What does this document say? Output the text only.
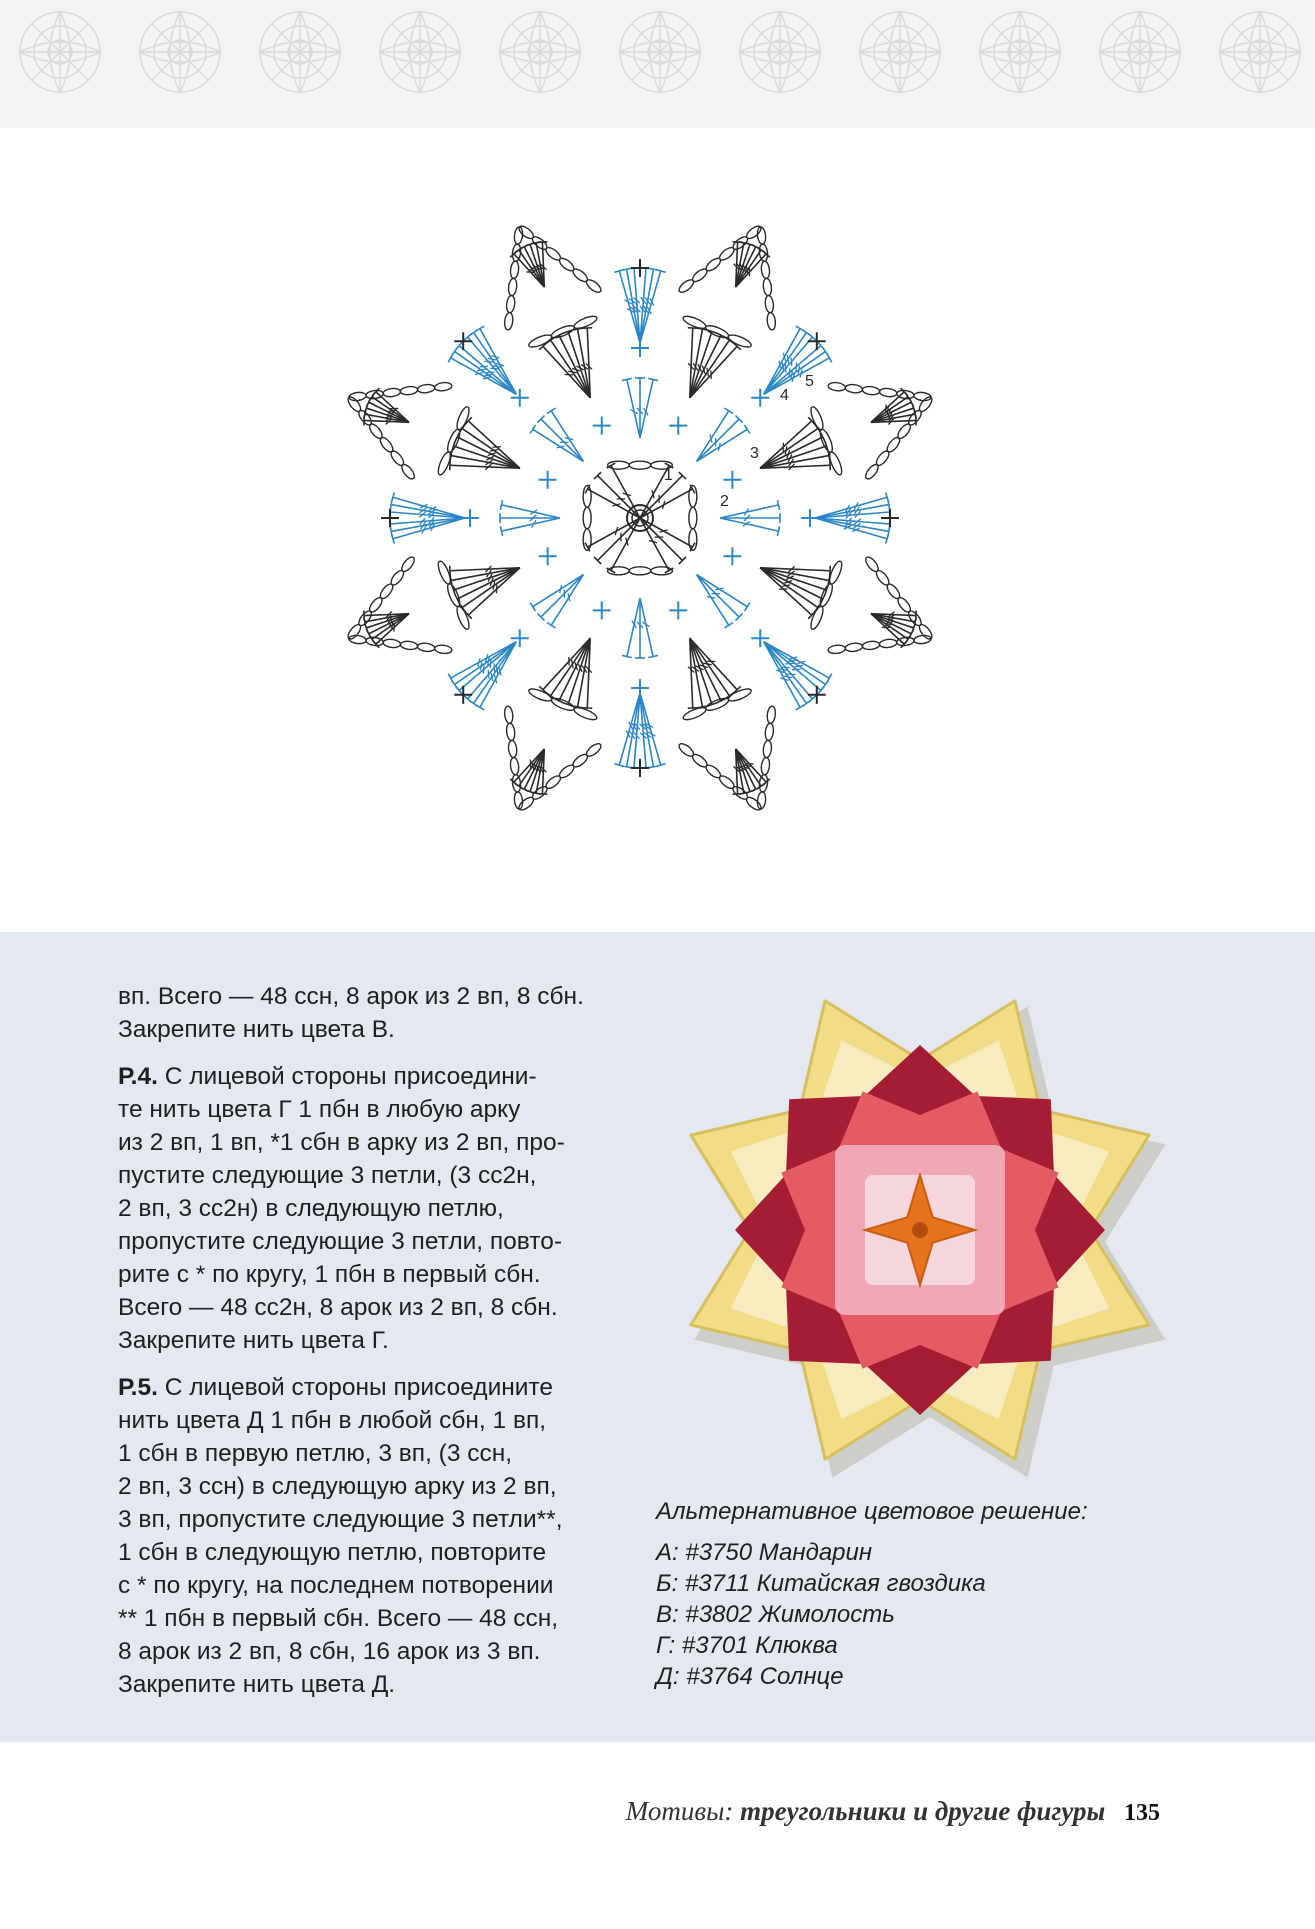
1
2
3
4
5

вп. Всего — 48 ссн, 8 арок из 2 вп, 8 сбн.
Закрепите нить цвета В.

Р.4. С лицевой стороны присоедини-
те нить цвета Г 1 пбн в любую арку
из 2 вп, 1 вп, *1 сбн в арку из 2 вп, про-
пустите следующие 3 петли, (3 сс2н,
2 вп, 3 сс2н) в следующую петлю,
пропустите следующие 3 петли, повто-
рите с * по кругу, 1 пбн в первый сбн.
Всего — 48 сс2н, 8 арок из 2 вп, 8 сбн.
Закрепите нить цвета Г.

Р.5. С лицевой стороны присоедините
нить цвета Д 1 пбн в любой сбн, 1 вп,
1 сбн в первую петлю, 3 вп, (3 ссн,
2 вп, 3 ссн) в следующую арку из 2 вп,
3 вп, пропустите следующие 3 петли**,
1 сбн в следующую петлю, повторите
с * по кругу, на последнем потворении
** 1 пбн в первый сбн. Всего — 48 ссн,
8 арок из 2 вп, 8 сбн, 16 арок из 3 вп.
Закрепите нить цвета Д.

Альтернативное цветовое решение:
А: #3750 Мандарин
Б: #3711 Китайская гвоздика
В: #3802 Жимолость
Г: #3701 Клюква
Д: #3764 Солнце
Мотивы: треугольники и другие фигуры 135
